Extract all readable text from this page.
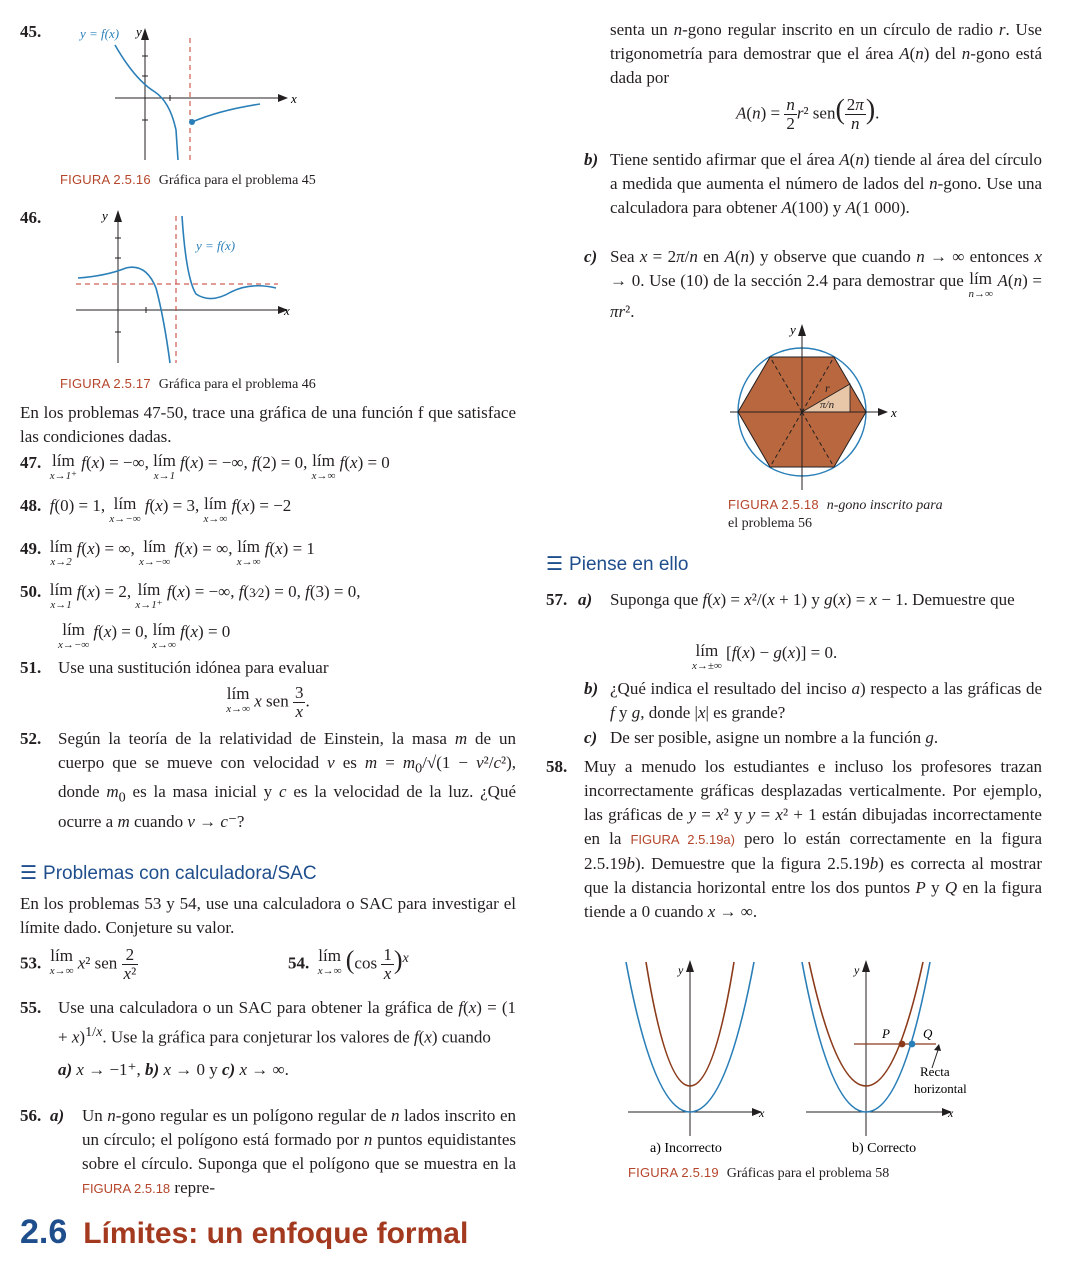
45.	y = f(x) y
x
FIGURA 2.5.16 Gráfica para el problema 45
46.
y = f(x)
y
x
FIGURA 2.5.17 Gráfica para el problema 46
En los problemas 47-50, trace una gráfica de una función f que satisface las condiciones dadas.
47. lím
x→1⁺
f(x) = −∞, lím
x→1
f(x) = −∞, f(2) = 0, lím
x→∞
f(x) = 0
48. f(0) = 1, lím
x→−∞
f(x) = 3, lím
x→∞
f(x) = −2
49. lím
x→2
f(x) = ∞, lím
x→−∞
f(x) = ∞, lím
x→∞
f(x) = 1
50. lím
x→1
f(x) = 2, lím
x→1⁺
f(x) = −∞, f(3⁄2) = 0, f(3) = 0,
lím
x→−∞
f(x) = 0, lím
x→∞
f(x) = 0
51. Use una sustitución idónea para evaluar
lím
x→∞ x sen $\frac{3}{x}$ .
52. Según la teoría de la relatividad de Einstein, la masa m de un cuerpo que se mueve con velocidad v es $m = m_0/√(1 - v^2/c^2)$, donde $m_0$ es la masa inicial y c es la velocidad de la luz. ¿Qué ocurre a m cuando v → c⁻?
☰ Problemas con calculadora/SAC
En los problemas 53 y 54, use una calculadora o SAC para investigar el límite dado. Conjeture su valor.
53. lím
x→∞ x² sen $\frac{2}{\text{x²}}$	54. lím
x→∞ $(\cos \frac{1}{x} )^x$
55. Use una calculadora o un SAC para obtener la gráfica de $f(x) = (1 + x)^{1/x}$. Use la gráfica para conjeturar los valores de f(x) cuando
a) x → −1⁺, b) x → 0 y c) x → ∞.
56. a)	Un n-gono regular es un polígono regular de n lados inscrito en un círculo; el polígono está formado por n puntos equidistantes sobre el círculo. Suponga que el polígono que se muestra en la FIGURA 2.5.18 repre-
senta un n-gono regular inscrito en un círculo de radio r. Use trigonometría para demostrar que el área A(n) del n-gono está dada por
$A(n) = \frac{n}{2} r^2$ $sen( \frac{2\pi}{n}$ ).
b) Tiene sentido afirmar que el área A(n) tiende al área del círculo a medida que aumenta el número de lados del n-gono. Use una calculadora para obtener A(100) y A(1 000).
c) Sea x = 2π/n en A(n) y observe que cuando n → ∞ entonces x → 0. Use (10) de la sección 2.4 para demostrar que lím
n→∞
A(n) = πr².
r
π/n	x
y
FIGURA 2.5.18 n-gono inscrito para
el problema 56
☰ Piense en ello
57. a) Suponga que f(x) = x²/(x + 1) y g(x) = x − 1. Demuestre que
lím
x→±∞
[f(x) − g(x)] = 0.
b) ¿Qué indica el resultado del inciso a) respecto a las gráficas de f y g, donde |x| es grande?
c) De ser posible, asigne un nombre a la función g.
58. Muy a menudo los estudiantes e incluso los profesores trazan incorrectamente gráficas desplazadas verticalmente. Por ejemplo, las gráficas de y = x² y y = x² + 1 están dibujadas incorrectamente en la FIGURA 2.5.19a) pero lo están correctamente en la figura 2.5.19b). Demuestre que la figura 2.5.19b) es correcta al mostrar que la distancia horizontal entre los dos puntos P y Q en la figura tiende a 0 cuando x → ∞.
y
x
P	Q
Recta
horizontal
y
x
a) Incorrecto	b) Correcto
FIGURA 2.5.19 Gráficas para el problema 58
2.6 Límites: un enfoque formal
